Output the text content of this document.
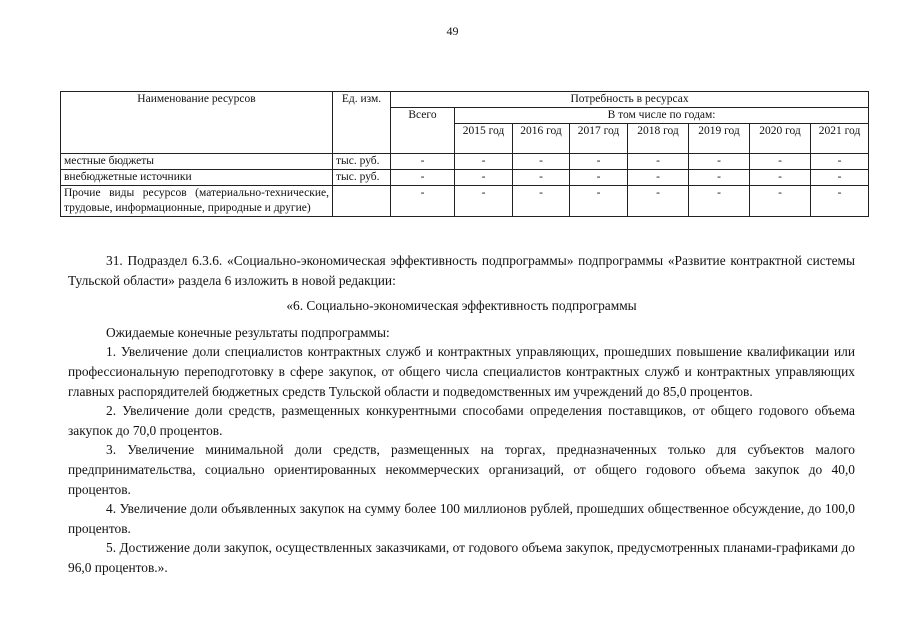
49
Наименование ресурсов	Ед. изм.	Потребность в ресурсах							
		Всего	В том числе по годам:						
			2015 год	2016 год	2017 год	2018 год	2019 год	2020 год	2021 год
местные бюджеты	тыс. руб.	-	-	-	-	-	-	-	-
внебюджетные источники	тыс. руб.	-	-	-	-	-	-	-	-
Прочие виды ресурсов (материально-технические, трудовые, информационные, природные и другие)		-	-	-	-	-	-	-	-

31. Подраздел 6.3.6. «Социально-экономическая эффективность подпрограммы» подпрограммы «Развитие контрактной системы Тульской области» раздела 6 изложить в новой редакции:

«6. Социально-экономическая эффективность подпрограммы

Ожидаемые конечные результаты подпрограммы:

1. Увеличение доли специалистов контрактных служб и контрактных управляющих, прошедших повышение квалификации или профессиональную переподготовку в сфере закупок, от общего числа специалистов контрактных служб и контрактных управляющих главных распорядителей бюджетных средств Тульской области и подведомственных им учреждений до 85,0 процентов.

2. Увеличение доли средств, размещенных конкурентными способами определения поставщиков, от общего годового объема закупок до 70,0 процентов.

3. Увеличение минимальной доли средств, размещенных на торгах, предназначенных только для субъектов малого предпринимательства, социально ориентированных некоммерческих организаций, от общего годового объема закупок до 40,0 процентов.

4. Увеличение доли объявленных закупок на сумму более 100 миллионов рублей, прошедших общественное обсуждение, до 100,0 процентов.

5. Достижение доли закупок, осуществленных заказчиками, от годового объема закупок, предусмотренных планами-графиками до 96,0 процентов.».
